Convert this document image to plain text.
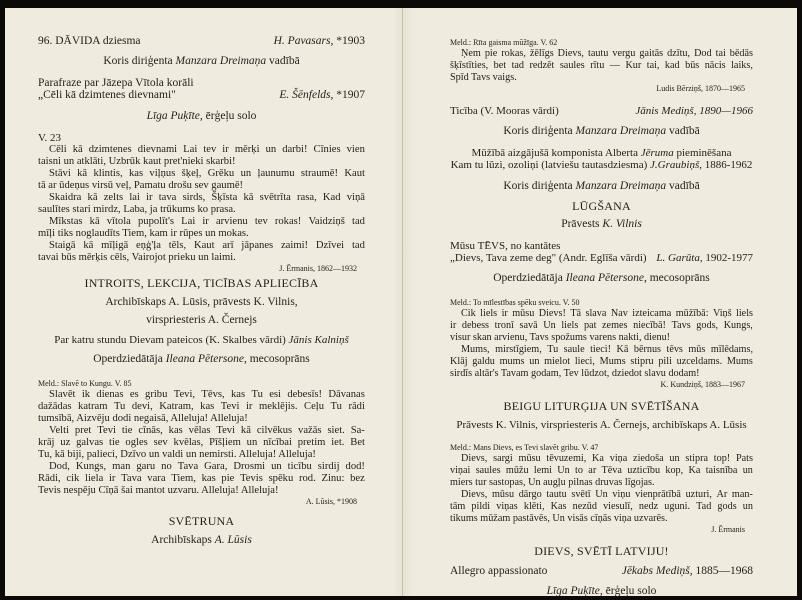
96. DĀVIDA dziesma	H. Pavasars, *1903
Koris diriģenta Manzara Dreimaņa vadībā
Parafraze par Jāzepa Vītola korāli
„Cēli kā dzimtenes dievnami"	E. Šēnfelds, *1907
Līga Puķīte, ērģeļu solo
V. 23
Cēli kā dzimtenes dievnami Lai tev ir mērķi un darbi! Cīnies vien
taisni un atklāti, Uzbrūk kaut pret'nieki skarbi!
Stāvi kā klintis, kas viļņus šķeļ, Grēku un ļaunumu straumē! Kaut
tā ar ūdeņus virsū veļ, Pamatu drošu sev gaumē!
Skaidra kā zelts lai ir tava sirds, Šķīsta kā svētrīta rasa, Kad viņā
saulītes stari mirdz, Laba, ja trūkums ko prasa.
Mīkstas kā vītola pupolīt's Lai ir arvienu tev rokas! Vaidziņš tad
mīļi tiks noglaudīts Tiem, kam ir rūpes un mokas.
Staigā kā mīļigā eņģ'ļa tēls, Kaut arī jāpanes zaimi! Dzīvei tad
tavai būs mērķis cēls, Vairojot prieku un laimi.
J. Ērmanis, 1862—1932
INTROITS, LEKCIJA, TICĪBAS APLIECĪBA
Archibīskaps A. Lūsis, prāvests K. Vilnis,
virspriesteris A. Černejs
Par katru stundu Dievam pateicos (K. Skalbes vārdi) Jānis Kalniņš
Operdziedātāja Ileana Pētersone, mecosoprāns
Meld.: Slavē to Kungu. V. 85
Slavēt ik dienas es gribu Tevi, Tēvs, kas Tu esi debesīs! Dāvanas
dažādas katram Tu devi, Katram, kas Tevi ir meklējis. Ceļu Tu rādi
tumsībā, Aizvēju dodi negaisā, Alleluja! Alleluja!
Velti pret Tevi tie cīnās, kas vēlas Tevi kā cilvēkus važās siet. Sa-
krāj uz galvas tie ogles sev kvēlas, Pīšļiem un nīcībai pretim iet. Bet
Tu, kā biji, palieci, Dzīvo un valdi un nemirsti. Alleluja! Alleluja!
Dod, Kungs, man garu no Tava Gara, Drosmi un ticību sirdij dod!
Rādi, cik liela ir Tava vara Tiem, kas pie Tevis spēku rod. Zinu: bez
Tevis nespēju Cīņā šai mantot uzvaru. Alleluja! Alleluja!
A. Lūsis, *1908
SVĒTRUNA
Archibīskaps A. Lūsis
Meld.: Rīta gaisma mūžīga. V. 62
Ņem pie rokas, žēlīgs Dievs, tautu vergu gaitās dzītu, Dod tai bēdās
šķīstīties, bet tad redzēt saules rītu — Kur tai, kad būs nācis laiks,
Spīd Tavs vaigs.
Ludis Bērziņš, 1870—1965
Ticība (V. Mooras vārdi)	Jānis Mediņš, 1890—1966
Koris diriģenta Manzara Dreimaņa vadībā
Mūžībā aizgājušā komponista Alberta Jēruma pieminēšana
Kam tu lūzi, ozoliņi (latviešu tautasdziesma) J.Graubiņš, 1886-1962
Koris diriģenta Manzara Dreimaņa vadībā
LŪGŠANA
Prāvests K. Vilnis
Mūsu TĒVS, no kantātes
„Dievs, Tava zeme deg" (Andr. Eglīša vārdi) L. Garūta, 1902-1977
Operdziedātāja Ileana Pētersone, mecosoprāns
Meld.: To mīlestības spēku sveicu. V. 50
Cik liels ir mūsu Dievs! Tā slava Nav izteicama mūžībā: Viņš liels
ir debess tronī savā Un liels pat zemes niecībā! Tavs gods, Kungs,
visur skan arvienu, Tavs spožums varens nakti, dienu!
Mums, mirstīgiem, Tu saule tieci! Kā bērnus tēvs mūs mīlēdams,
Klāj galdu mums un mielot lieci, Mums stipru pili uzceldams. Mums
sirdīs altār's Tavam godam, Tev lūdzot, dziedot slavu dodam!
K. Kundziņš, 1883—1967
BEIGU LITURĢIJA UN SVĒTĪŠANA
Prāvests K. Vilnis, virspriesteris A. Černejs, archibīskaps A. Lūsis
Meld.: Mans Dievs, es Tevi slavēt gribu. V. 47
Dievs, sargi mūsu tēvuzemi, Ka viņa ziedoša un stipra top! Pats
viņai saules mūžu lemi Un to ar Tēva uzticību kop, Ka taisnība un
miers tur sastopas, Un augļu pilnas druvas līgojas.
Dievs, mūsu dārgo tautu svētī Un viņu vienprātībā uzturi, Ar man-
tām pildi viņas klēti, Kas nezūd viesulī, nedz uguni. Tad gods un
tikums mūžam pastāvēs, Un visās cīņās viņa uzvarēs.
J. Ērmanis
DIEVS, SVĒTĪ LATVIJU!
Allegro appassionato	Jēkabs Mediņš, 1885—1968
Līga Puķīte, ērģeļu solo
